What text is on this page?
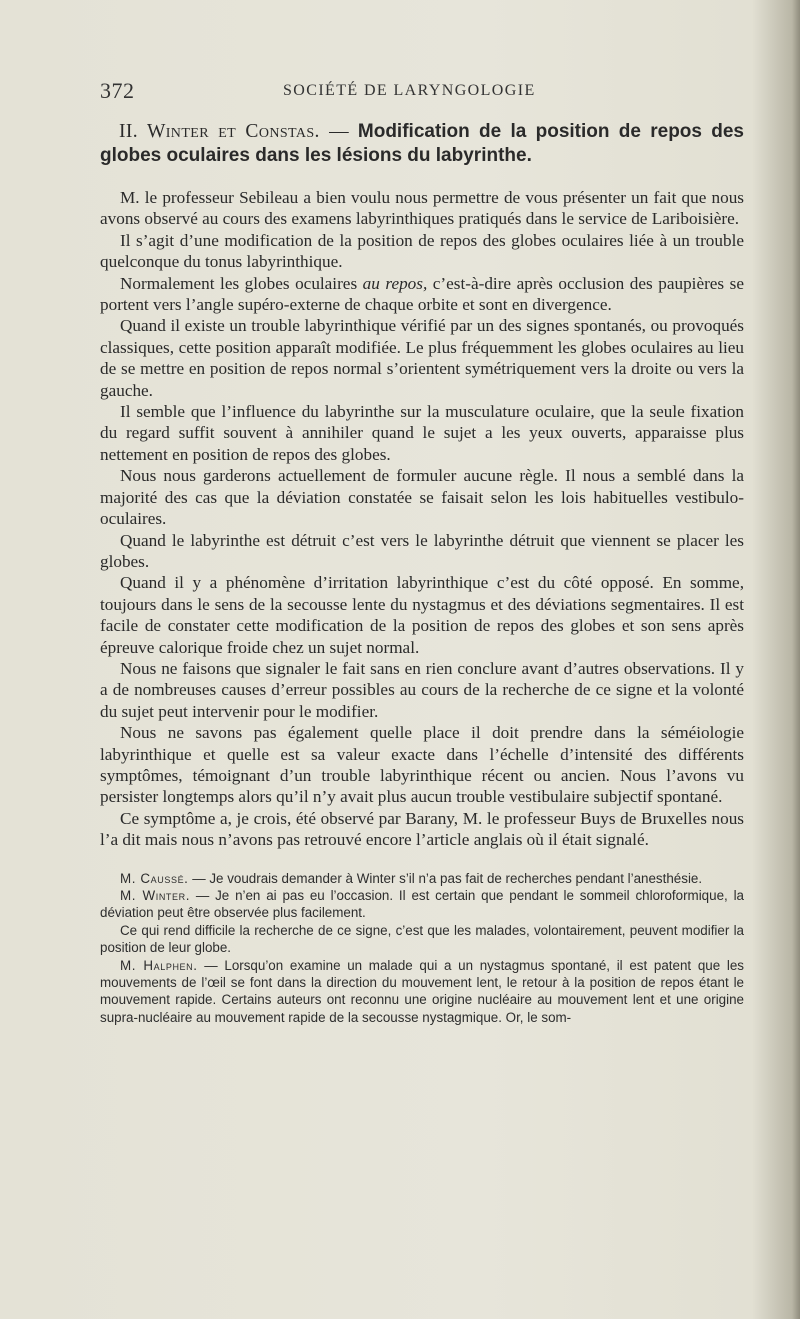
372	SOCIÉTÉ DE LARYNGOLOGIE
II. Winter et Constas. — Modification de la position de repos des globes oculaires dans les lésions du labyrinthe.

M. le professeur Sebileau a bien voulu nous permettre de vous présenter un fait que nous avons observé au cours des examens labyrinthiques pratiqués dans le service de Lariboisière.

Il s’agit d’une modification de la position de repos des globes oculaires liée à un trouble quelconque du tonus labyrinthique.

Normalement les globes oculaires au repos, c’est-à-dire après occlusion des paupières se portent vers l’angle supéro-externe de chaque orbite et sont en divergence.

Quand il existe un trouble labyrinthique vérifié par un des signes spontanés, ou provoqués classiques, cette position apparaît modifiée. Le plus fréquemment les globes oculaires au lieu de se mettre en position de repos normal s’orientent symétriquement vers la droite ou vers la gauche.

Il semble que l’influence du labyrinthe sur la musculature oculaire, que la seule fixation du regard suffit souvent à annihiler quand le sujet a les yeux ouverts, apparaisse plus nettement en position de repos des globes.

Nous nous garderons actuellement de formuler aucune règle. Il nous a semblé dans la majorité des cas que la déviation constatée se faisait selon les lois habituelles vestibulo-oculaires.

Quand le labyrinthe est détruit c’est vers le labyrinthe détruit que viennent se placer les globes.

Quand il y a phénomène d’irritation labyrinthique c’est du côté opposé. En somme, toujours dans le sens de la secousse lente du nystagmus et des déviations segmentaires. Il est facile de constater cette modification de la position de repos des globes et son sens après épreuve calorique froide chez un sujet normal.

Nous ne faisons que signaler le fait sans en rien conclure avant d’autres observations. Il y a de nombreuses causes d’erreur possibles au cours de la recherche de ce signe et la volonté du sujet peut intervenir pour le modifier.

Nous ne savons pas également quelle place il doit prendre dans la séméiologie labyrinthique et quelle est sa valeur exacte dans l’échelle d’intensité des différents symptômes, témoignant d’un trouble labyrinthique récent ou ancien. Nous l’avons vu persister longtemps alors qu’il n’y avait plus aucun trouble vestibulaire subjectif spontané.

Ce symptôme a, je crois, été observé par Barany, M. le professeur Buys de Bruxelles nous l’a dit mais nous n’avons pas retrouvé encore l’article anglais où il était signalé.

M. Caussé. — Je voudrais demander à Winter s’il n’a pas fait de recherches pendant l’anesthésie.

M. Winter. — Je n’en ai pas eu l’occasion. Il est certain que pendant le sommeil chloroformique, la déviation peut être observée plus facilement.

Ce qui rend difficile la recherche de ce signe, c’est que les malades, volontairement, peuvent modifier la position de leur globe.

M. Halphen. — Lorsqu’on examine un malade qui a un nystagmus spontané, il est patent que les mouvements de l’œil se font dans la direction du mouvement lent, le retour à la position de repos étant le mouvement rapide. Certains auteurs ont reconnu une origine nucléaire au mouvement lent et une origine supra-nucléaire au mouvement rapide de la secousse nystagmique. Or, le som-
